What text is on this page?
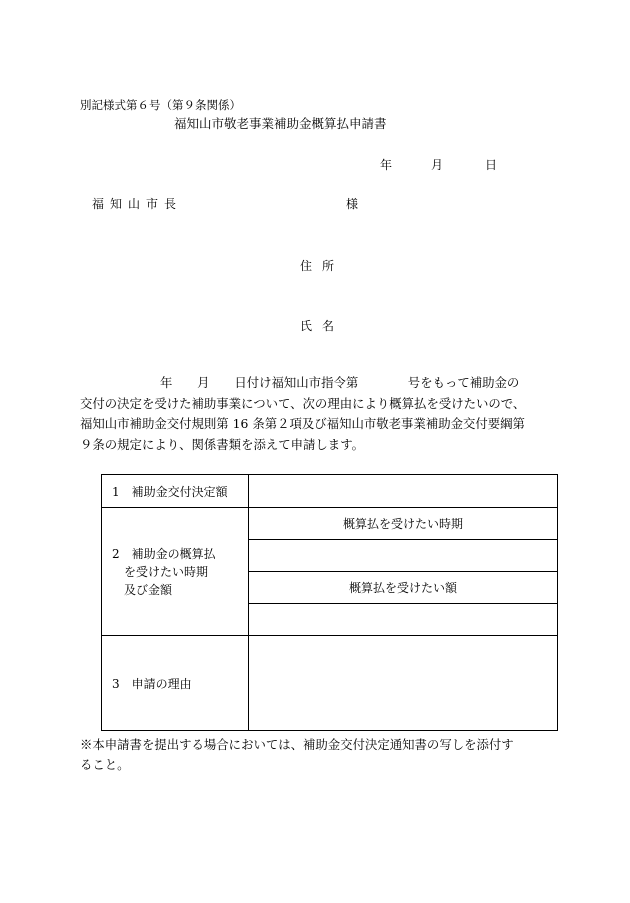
別記様式第６号（第９条関係）
福知山市敬老事業補助金概算払申請書
年	月	日
福知山市長	様
住所
氏名
年　　月　　日付け福知山市指令第　　　　号をもって補助金の
交付の決定を受けた補助事業について、次の理由により概算払を受けたいので、
福知山市補助金交付規則第 16 条第２項及び福知山市敬老事業補助金交付要綱第
９条の規定により、関係書類を添えて申請します。
1　補助金交付決定額	

2　補助金の概算払
を受けたい時期
及び金額	概算払を受けたい時期

	概算払を受けたい額

3　申請の理由	
※本申請書を提出する場合においては、補助金交付決定通知書の写しを添付す
ること。
